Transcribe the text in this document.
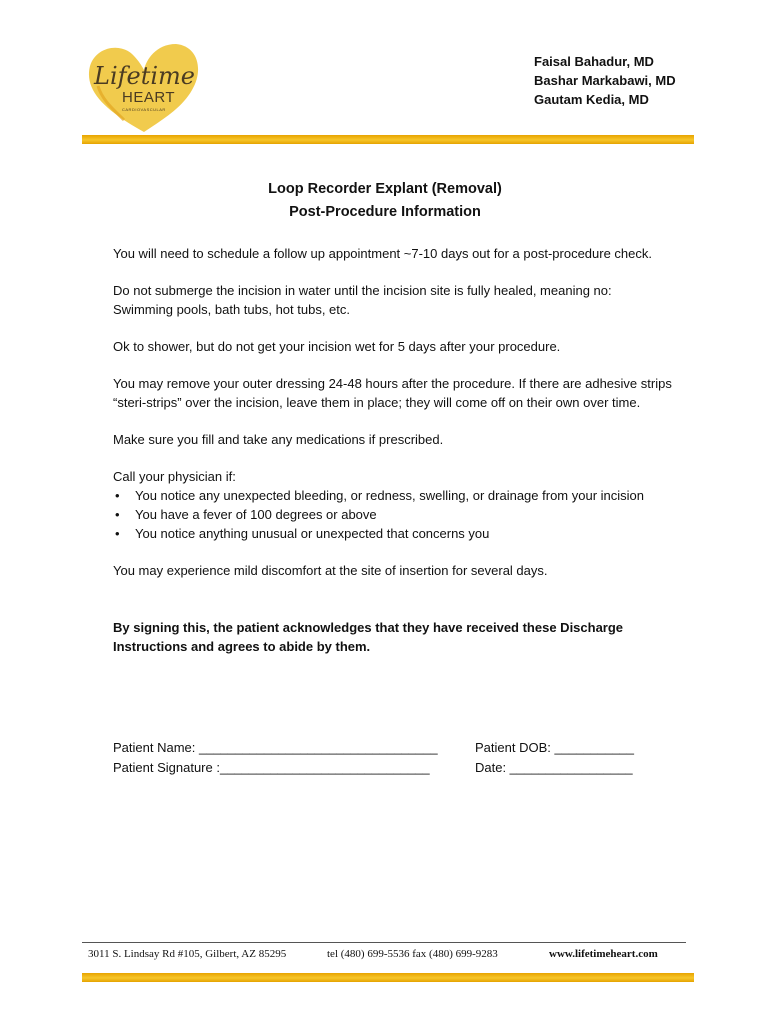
Lifetime
HEART
CARDIOVASCULAR
Faisal Bahadur, MD
Bashar Markabawi, MD
Gautam Kedia, MD
Loop Recorder Explant (Removal)
Post-Procedure Information

You will need to schedule a follow up appointment ~7-10 days out for a post-procedure check.

Do not submerge the incision in water until the incision site is fully healed, meaning no: Swimming pools, bath tubs, hot tubs, etc.

Ok to shower, but do not get your incision wet for 5 days after your procedure.

You may remove your outer dressing 24-48 hours after the procedure. If there are adhesive strips “steri-strips” over the incision, leave them in place; they will come off on their own over time.

Make sure you fill and take any medications if prescribed.

Call your physician if:

• You notice any unexpected bleeding, or redness, swelling, or drainage from your incision
• You have a fever of 100 degrees or above
• You notice anything unusual or unexpected that concerns you

You may experience mild discomfort at the site of insertion for several days.

By signing this, the patient acknowledges that they have received these Discharge Instructions and agrees to abide by them.

Patient Name: _________________________________
Patient Signature :_____________________________
Patient DOB: ___________
Date: _________________
3011 S. Lindsay Rd #105, Gilbert, AZ 85295	tel (480) 699-5536 fax (480) 699-9283	www.lifetimeheart.com
